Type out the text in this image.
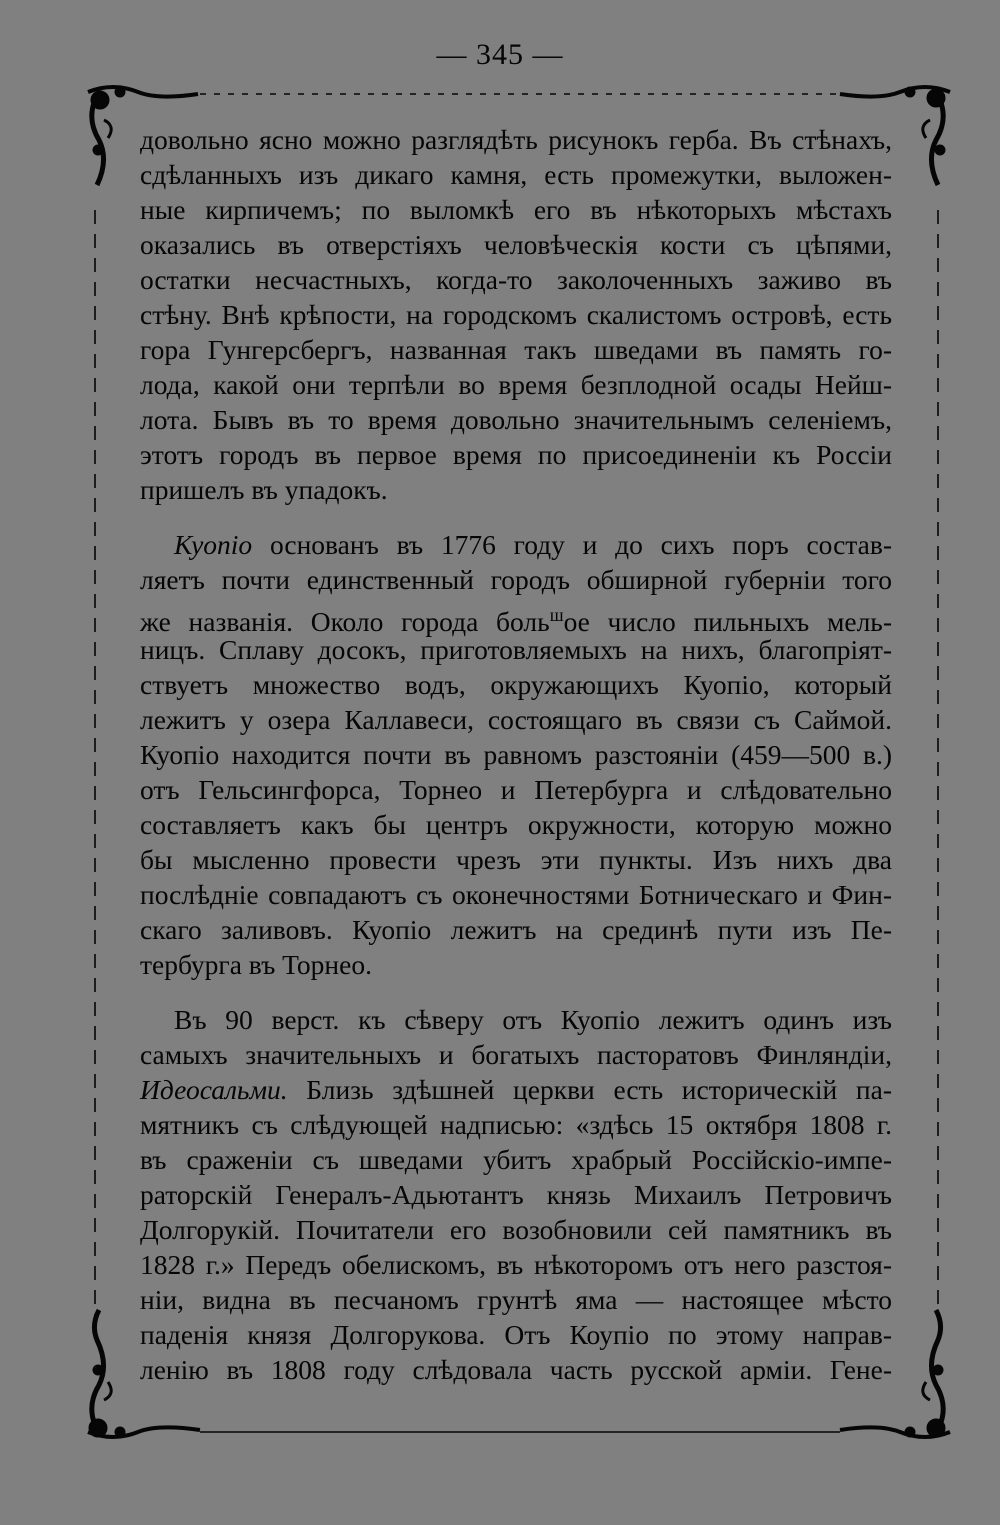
— 345 —
довольно ясно можно разглядѣть рисунокъ герба. Въ стѣнахъ,
сдѣланныхъ изъ дикаго камня, есть промежутки, выложен-
ные кирпичемъ; по выломкѣ его въ нѣкоторыхъ мѣстахъ
оказались въ отверстіяхъ человѣческія кости съ цѣпями,
остатки несчастныхъ, когда-то заколоченныхъ заживо въ
стѣну. Внѣ крѣпости, на городскомъ скалистомъ островѣ, есть
гора Гунгерсбергъ, названная такъ шведами въ память го-
лода, какой они терпѣли во время безплодной осады Нейш-
лота. Бывъ въ то время довольно значительнымъ селеніемъ,
этотъ городъ въ первое время по присоединеніи къ Россіи
пришелъ въ упадокъ.
Куопіо основанъ въ 1776 году и до сихъ поръ состав-
ляетъ почти единственный городъ обширной губерніи того
же названія. Около города боль$^ш$ое число пильныхъ мель-
ницъ. Сплаву досокъ, приготовляемыхъ на нихъ, благопріят-
ствуетъ множество водъ, окружающихъ Куопіо, который
лежитъ у озера Каллавеси, состоящаго въ связи съ Саймой.
Куопіо находится почти въ равномъ разстояніи (459—500 в.)
отъ Гельсингфорса, Торнео и Петербурга и слѣдовательно
составляетъ какъ бы центръ окружности, которую можно
бы мысленно провести чрезъ эти пункты. Изъ нихъ два
послѣдніе совпадаютъ съ оконечностями Ботническаго и Фин-
скаго заливовъ. Куопіо лежитъ на срединѣ пути изъ Пе-
тербурга въ Торнео.
Въ 90 верст. къ сѣверу отъ Куопіо лежитъ одинъ изъ
самыхъ значительныхъ и богатыхъ пасторатовъ Финляндіи,
Идеосальми. Близь здѣшней церкви есть историческій па-
мятникъ съ слѣдующей надписью: «здѣсь 15 октября 1808 г.
въ сраженіи съ шведами убитъ храбрый Россійскіо-импе-
раторскій Генералъ-Адьютантъ князь Михаилъ Петровичъ
Долгорукій. Почитатели его возобновили сей памятникъ въ
1828 г.» Передъ обелискомъ, въ нѣкоторомъ отъ него разстоя-
ніи, видна въ песчаномъ грунтѣ яма — настоящее мѣсто
паденія князя Долгорукова. Отъ Коупіо по этому направ-
ленію въ 1808 году слѣдовала часть русской арміи. Гене-
